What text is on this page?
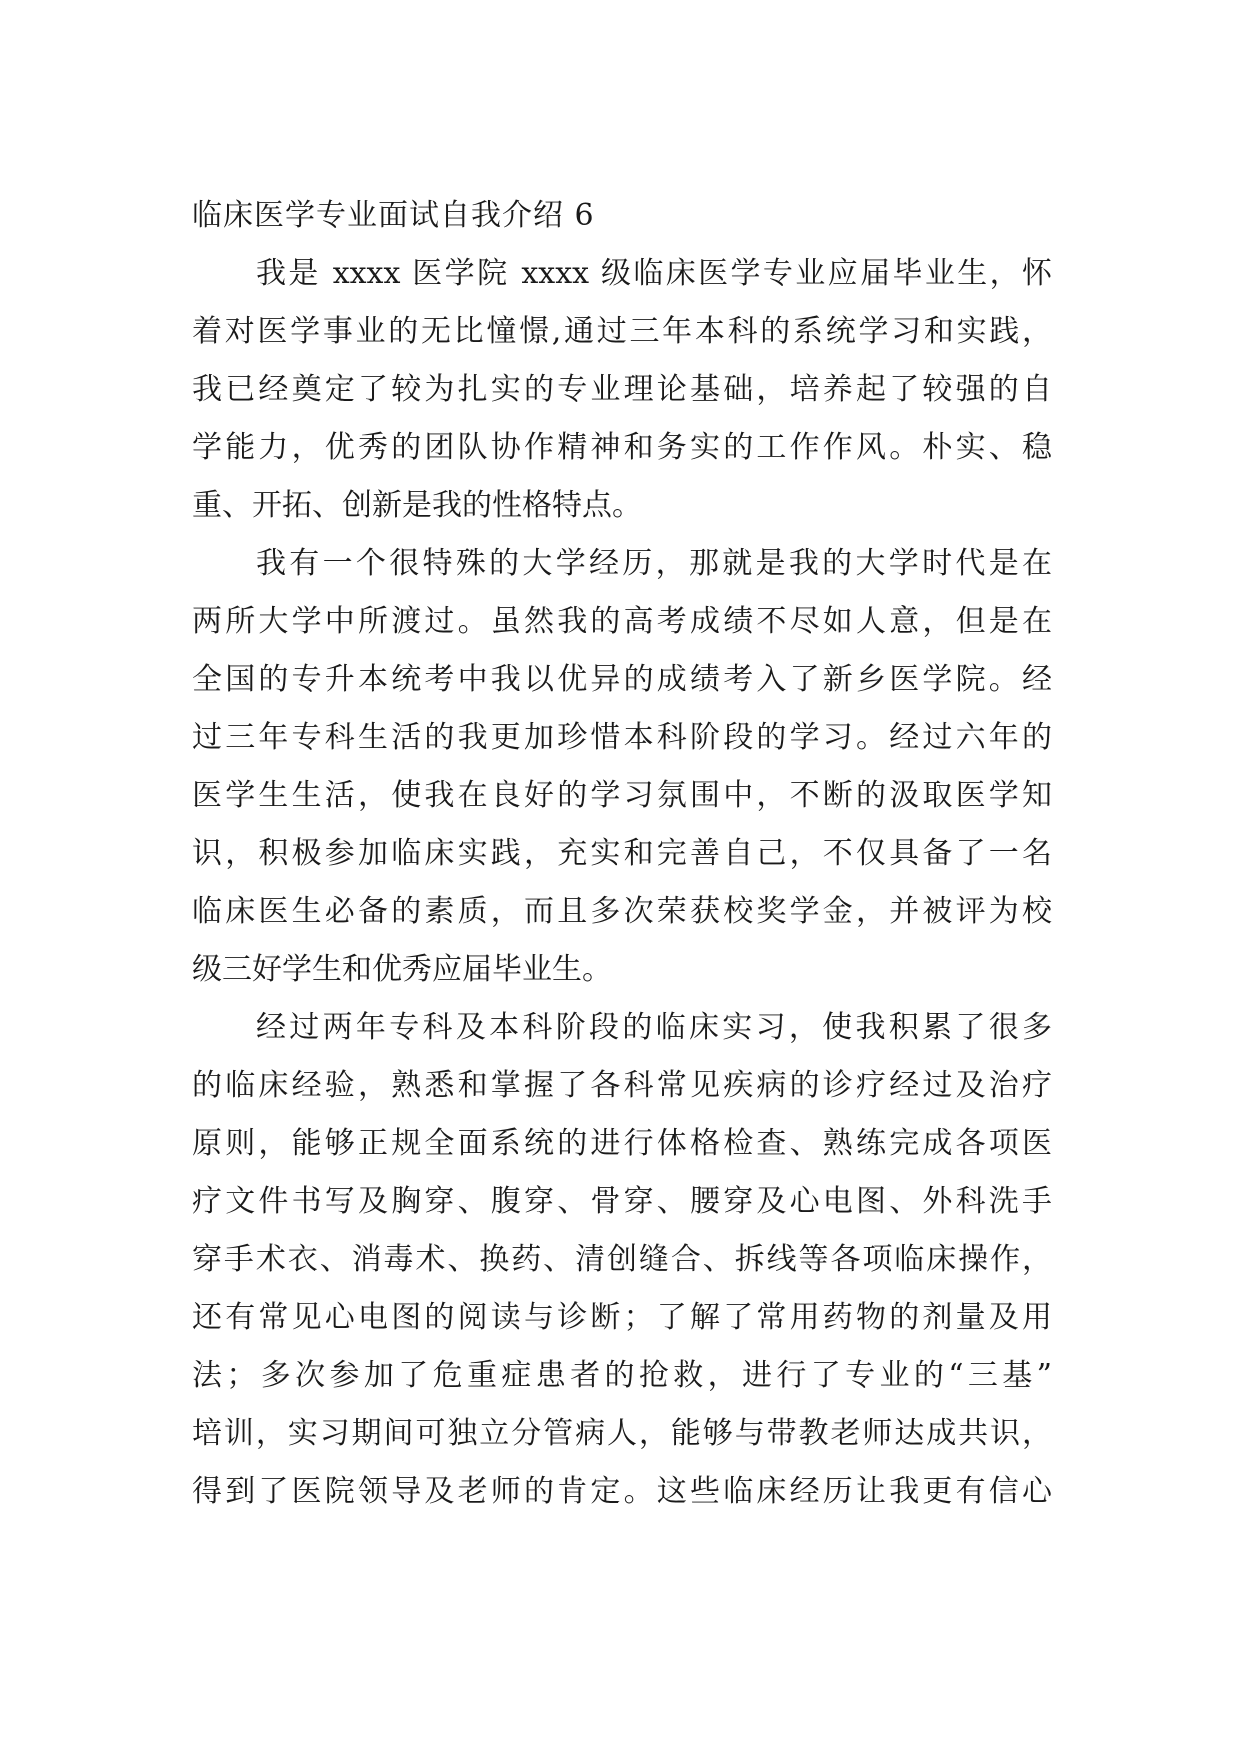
临床医学专业面试自我介绍 6
我是 xxxx 医学院 xxxx 级临床医学专业应届毕业生，怀
着对医学事业的无比憧憬,通过三年本科的系统学习和实践，
我已经奠定了较为扎实的专业理论基础，培养起了较强的自
学能力，优秀的团队协作精神和务实的工作作风。朴实、稳
重、开拓、创新是我的性格特点。
我有一个很特殊的大学经历，那就是我的大学时代是在
两所大学中所渡过。虽然我的高考成绩不尽如人意，但是在
全国的专升本统考中我以优异的成绩考入了新乡医学院。经
过三年专科生活的我更加珍惜本科阶段的学习。经过六年的
医学生生活，使我在良好的学习氛围中，不断的汲取医学知
识，积极参加临床实践，充实和完善自己，不仅具备了一名
临床医生必备的素质，而且多次荣获校奖学金，并被评为校
级三好学生和优秀应届毕业生。
经过两年专科及本科阶段的临床实习，使我积累了很多
的临床经验，熟悉和掌握了各科常见疾病的诊疗经过及治疗
原则，能够正规全面系统的进行体格检查、熟练完成各项医
疗文件书写及胸穿、腹穿、骨穿、腰穿及心电图、外科洗手
穿手术衣、消毒术、换药、清创缝合、拆线等各项临床操作，
还有常见心电图的阅读与诊断；了解了常用药物的剂量及用
法；多次参加了危重症患者的抢救，进行了专业的“三基”
培训，实习期间可独立分管病人，能够与带教老师达成共识，
得到了医院领导及老师的肯定。这些临床经历让我更有信心
